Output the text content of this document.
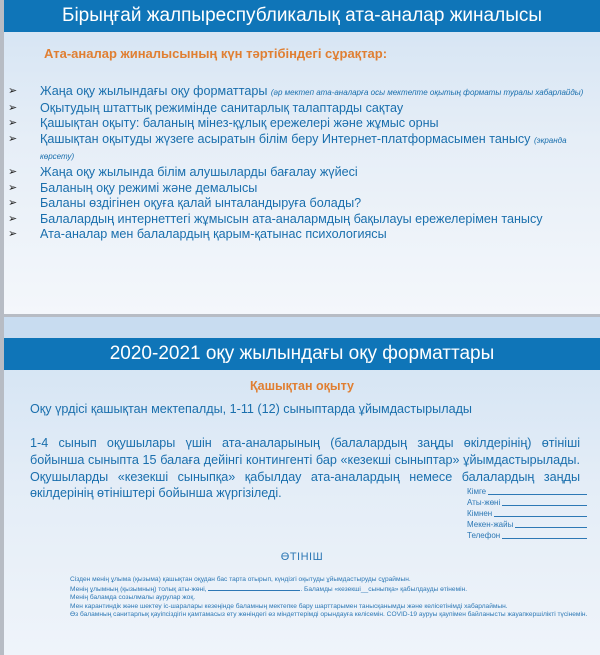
Бірыңғай жалпыреспубликалық ата-аналар жиналысы
Ата-аналар жиналысының күн тәртібіндегі сұрақтар:
➢ Жаңа оқу жылындағы оқу форматтары (әр мектеп ата-аналарға осы мектепте оқытың форматы туралы хабарлайды)
➢ Оқытудың штаттық режимінде санитарлық талаптарды сақтау
➢ Қашықтан оқыту: баланың мінез-құлық ережелері және жұмыс орны
➢ Қашықтан оқытуды жүзеге асыратын білім беру Интернет-платформасымен танысу (экранда көрсету)
➢ Жаңа оқу жылында білім алушыларды бағалау жүйесі
➢ Баланың оқу режимі және демалысы
➢ Баланы өздігінен оқуға қалай ынталандыруға болады?
➢ Балалардың интернеттегі жұмысын ата-аналармдың бақылауы ережелерімен танысу
➢ Ата-аналар мен балалардың қарым-қатынас психологиясы
2020-2021 оқу жылындағы оқу форматтары
Қашықтан оқыту
Оқу үрдісі қашықтан мектепалды, 1-11 (12) сыныптарда ұйымдастырылады
1-4 сынып оқушылары үшін ата-аналарының (балалардың заңды өкілдерінің) өтініші бойынша сыныпта 15 балаға дейінгі контингенті бар «кезекші сыныптар» ұйымдастырылады. Оқушыларды «кезекші сыныпқа» қабылдау ата-аналардың немесе балалардың заңды өкілдерінің өтініштері бойынша жүргізіледі.	Кімге
Аты-жөні
Кімнен
Мекен-жайы
Телефон
ӨТІНІШ
Сізден менің ұлыма (қызыма) қашықтан оқудан бас тарта отырып, күндізгі оқытуды ұйымдастыруды сұраймын.
Менің ұлымның (қызымның) толық аты-жөні,	. Баламды «кезекші__сыныпқа» қабылдауды өтінемін.
Менің баламда созылмалы аурулар жоқ.
Мен карантиндік және шектеу іс-шаралары кезеңінде баламның мектепке бару шарттарымен танысқанымды және келісетінімді хабарлаймын.
Өз баламның санитарлық қауіпсіздігін қамтамасыз ету жөніндегі өз міндеттерімді орындауға келісемін. COVID-19 ауруы қаупімен байланысты жауапкершілікті түсінемін.
